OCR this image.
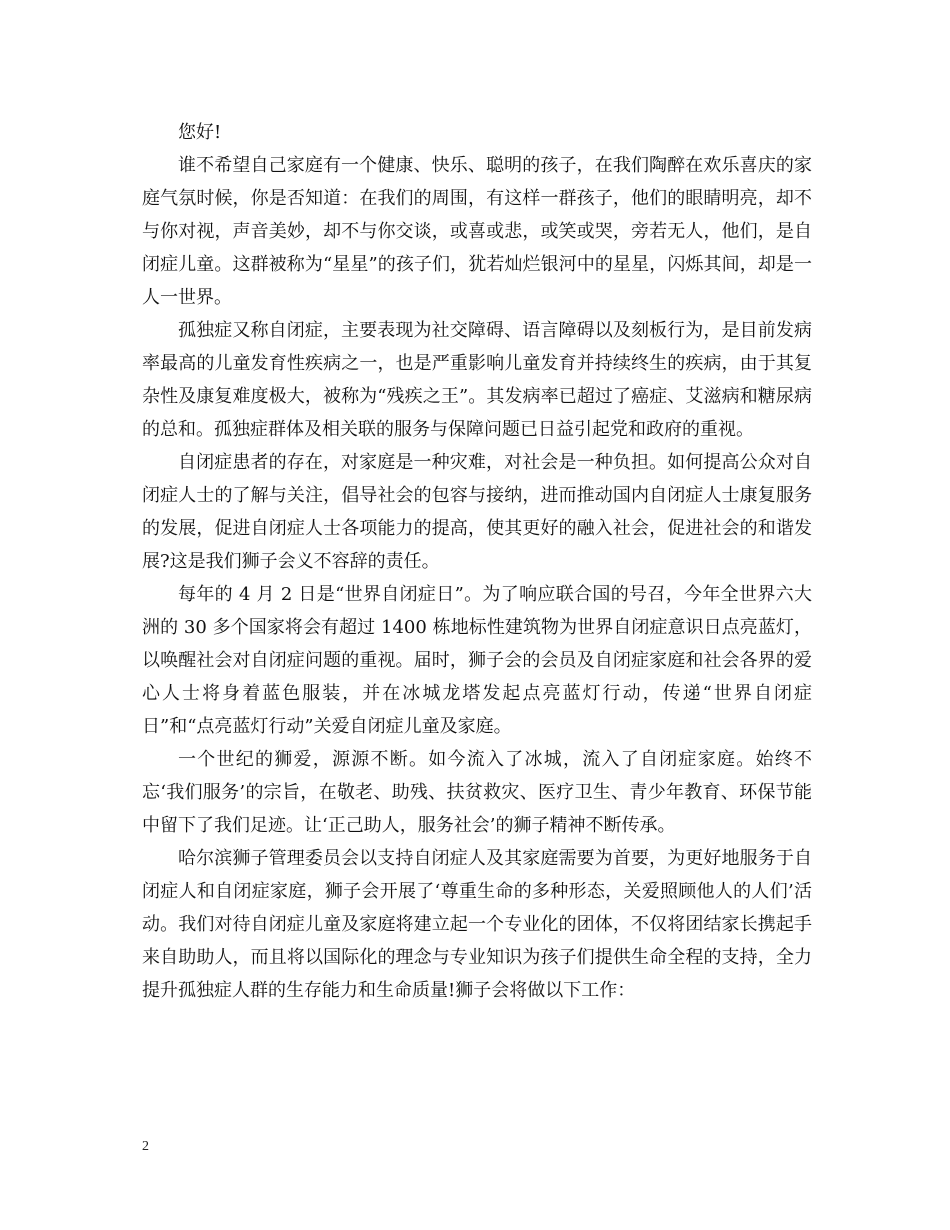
您好!

谁不希望自己家庭有一个健康、快乐、聪明的孩子，在我们陶醉在欢乐喜庆的家庭气氛时候，你是否知道：在我们的周围，有这样一群孩子，他们的眼睛明亮，却不与你对视，声音美妙，却不与你交谈，或喜或悲，或笑或哭，旁若无人，他们，是自闭症儿童。这群被称为“星星”的孩子们，犹若灿烂银河中的星星，闪烁其间，却是一人一世界。

孤独症又称自闭症，主要表现为社交障碍、语言障碍以及刻板行为，是目前发病率最高的儿童发育性疾病之一，也是严重影响儿童发育并持续终生的疾病，由于其复杂性及康复难度极大，被称为“残疾之王”。其发病率已超过了癌症、艾滋病和糖尿病的总和。孤独症群体及相关联的服务与保障问题已日益引起党和政府的重视。

自闭症患者的存在，对家庭是一种灾难，对社会是一种负担。如何提高公众对自闭症人士的了解与关注，倡导社会的包容与接纳，进而推动国内自闭症人士康复服务的发展，促进自闭症人士各项能力的提高，使其更好的融入社会，促进社会的和谐发展?这是我们狮子会义不容辞的责任。

每年的 4 月 2 日是“世界自闭症日”。为了响应联合国的号召，今年全世界六大洲的 30 多个国家将会有超过 1400 栋地标性建筑物为世界自闭症意识日点亮蓝灯，以唤醒社会对自闭症问题的重视。届时，狮子会的会员及自闭症家庭和社会各界的爱心人士将身着蓝色服装，并在冰城龙塔发起点亮蓝灯行动，传递“世界自闭症日”和“点亮蓝灯行动”关爱自闭症儿童及家庭。

一个世纪的狮爱，源源不断。如今流入了冰城，流入了自闭症家庭。始终不忘‘我们服务’的宗旨，在敬老、助残、扶贫救灾、医疗卫生、青少年教育、环保节能中留下了我们足迹。让‘正己助人，服务社会’的狮子精神不断传承。

哈尔滨狮子管理委员会以支持自闭症人及其家庭需要为首要，为更好地服务于自闭症人和自闭症家庭，狮子会开展了‘尊重生命的多种形态，关爱照顾他人的人们’活动。我们对待自闭症儿童及家庭将建立起一个专业化的团体，不仅将团结家长携起手来自助助人，而且将以国际化的理念与专业知识为孩子们提供生命全程的支持，全力提升孤独症人群的生存能力和生命质量!狮子会将做以下工作：

2
